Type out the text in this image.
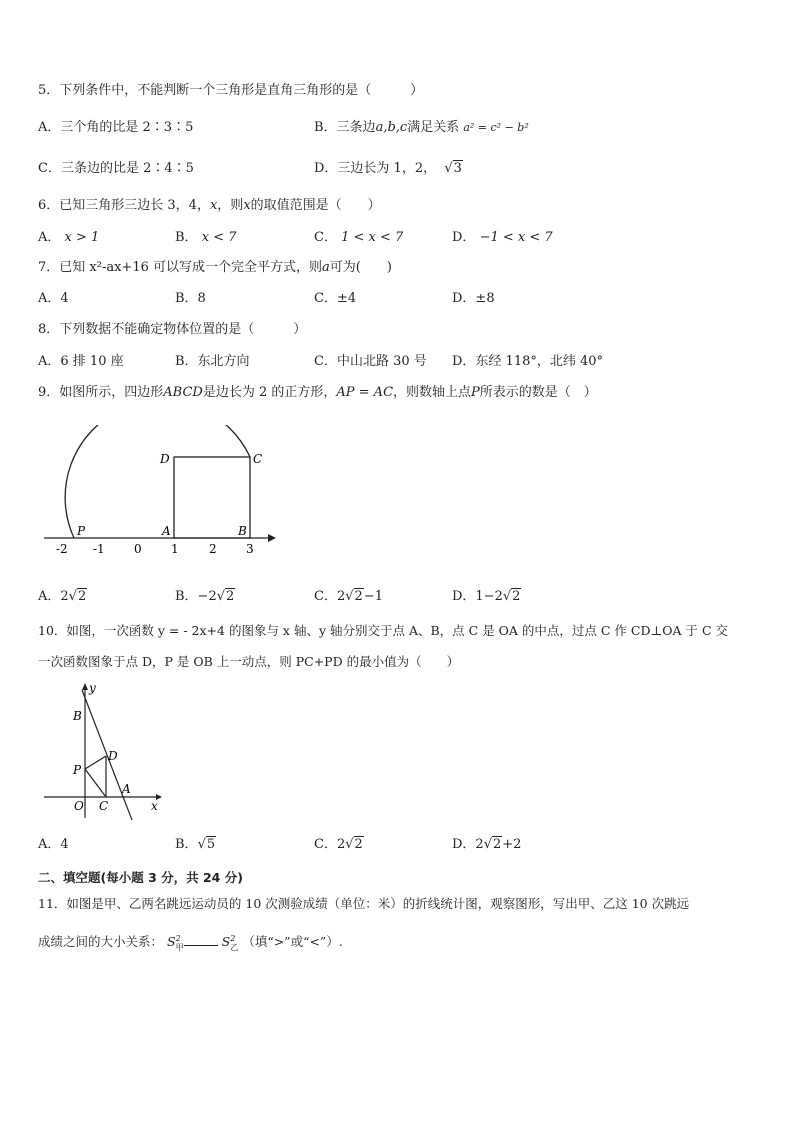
5．下列条件中，不能判断一个三角形是直角三角形的是（　　　）
A．三个角的比是 2∶3∶5	B．三条边a,b,c满足关系 a² = c² − b²
C．三条边的比是 2∶4∶5	D．三边长为 1，2， √3
6．已知三角形三边长 3，4，x，则x的取值范围是（　　）
A． x > 1	B． x < 7	C． 1 < x < 7	D． −1 < x < 7
7．已知 x²-ax+16 可以写成一个完全平方式，则a可为(　　)
A．4	B．8	C．±4	D．±8
8．下列数据不能确定物体位置的是（　　　）
A．6 排 10 座	B．东北方向	C．中山北路 30 号 D．东经 118°，北纬 40°
9．如图所示，四边形ABCD是边长为 2 的正方形，AP = AC，则数轴上点P所表示的数是（　）
D	C
P	A	B
-2 -1 0 1	2 3
A．2√2	B．−2√2	C．2√2−1	D．1−2√2
10．如图，一次函数 y = - 2x+4 的图象与 x 轴、y 轴分别交于点 A、B，点 C 是 OA 的中点，过点 C 作 CD⊥OA 于 C 交
一次函数图象于点 D，P 是 OB 上一动点，则 PC+PD 的最小值为（　　）
y
B
D
P
O C
A
x
A．4	B．√5	C．2√2	D．2√2+2
二、填空题(每小题 3 分，共 24 分)
11．如图是甲、乙两名跳远运动员的 10 次测验成绩（单位：米）的折线统计图，观察图形，写出甲、乙这 10 次跳远
成绩之间的大小关系： $S^2_甲$	$S^2_乙$ （填“>”或“<”）.
